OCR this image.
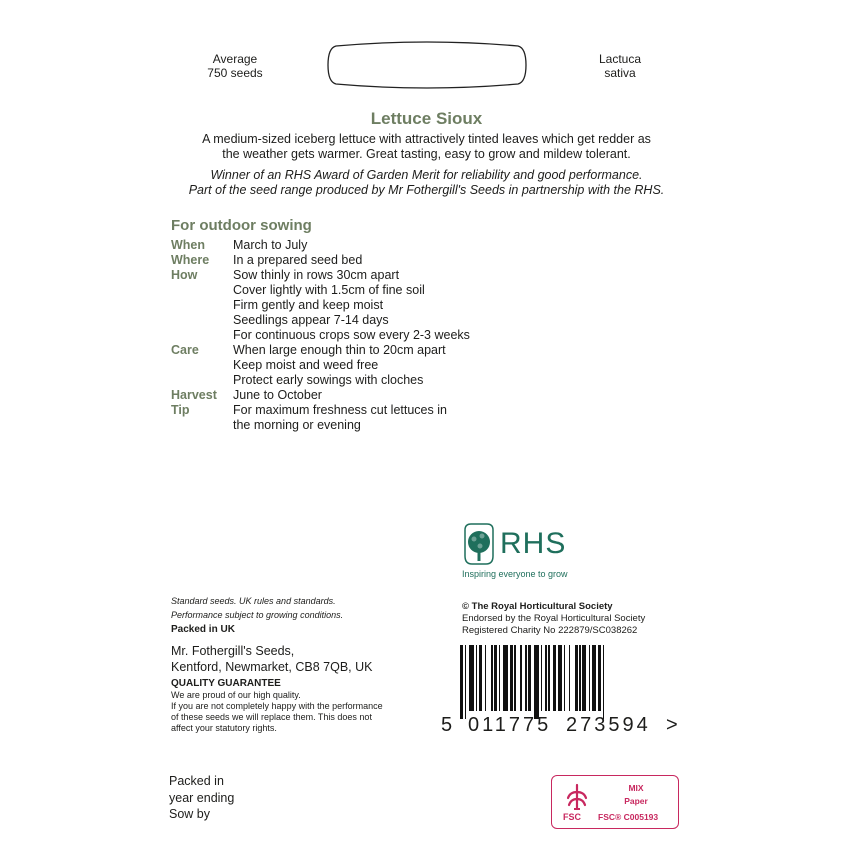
Average
750 seeds
Lactuca
sativa
Lettuce Sioux
A medium-sized iceberg lettuce with attractively tinted leaves which get redder as
the weather gets warmer. Great tasting, easy to grow and mildew tolerant.
Winner of an RHS Award of Garden Merit for reliability and good performance.
Part of the seed range produced by Mr Fothergill's Seeds in partnership with the RHS.
For outdoor sowing
When	March to July
Where	In a prepared seed bed
How	Sow thinly in rows 30cm apart
Cover lightly with 1.5cm of fine soil
Firm gently and keep moist
Seedlings appear 7-14 days
For continuous crops sow every 2-3 weeks
Care	When large enough thin to 20cm apart
Keep moist and weed free
Protect early sowings with cloches
Harvest	June to October
Tip	For maximum freshness cut lettuces in
the morning or evening
RHS
Inspiring everyone to grow
Standard seeds. UK rules and standards.
Performance subject to growing conditions.
Packed in UK
Mr. Fothergill's Seeds,
Kentford, Newmarket, CB8 7QB, UK
QUALITY GUARANTEE
We are proud of our high quality.
If you are not completely happy with the performance
of these seeds we will replace them. This does not
affect your statutory rights.
© The Royal Horticultural Society
Endorsed by the Royal Horticultural Society
Registered Charity No 222879/SC038262
5 011775 273594 >
Packed in
year ending
Sow by	FSC
MIX
Paper
FSC® C005193
